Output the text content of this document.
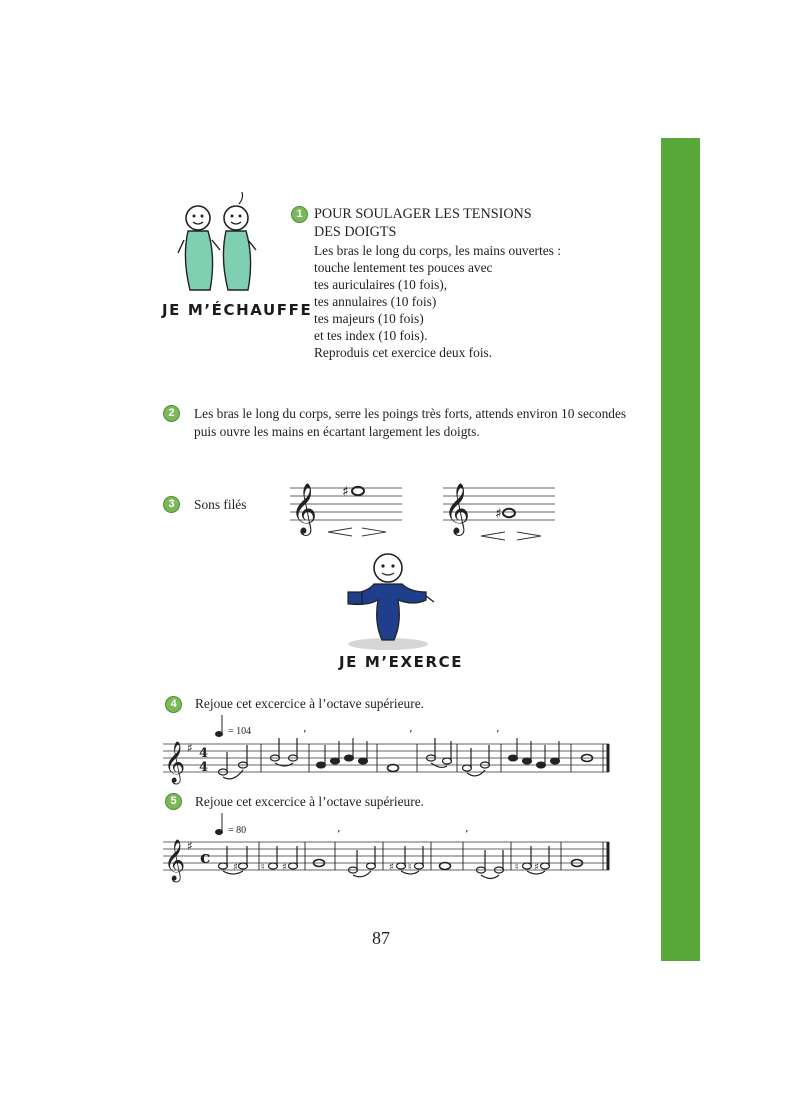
JE M’ÉCHAUFFE
1 POUR SOULAGER LES TENSIONS
DES DOIGTS
Les bras le long du corps, les mains ouvertes :
touche lentement tes pouces avec
tes auriculaires (10 fois),
tes annulaires (10 fois)
tes majeurs (10 fois)
et tes index (10 fois).
Reproduis cet exercice deux fois.
2	Les bras le long du corps, serre les poings très forts, attends environ 10 secondes
puis ouvre les mains en écartant largement les doigts.
3	Sons filés 𝄞 ♯ 𝄞 ♯
JE M’EXERCE
4	Rejoue cet excercice à l’octave supérieure.
= 104
𝄞 ♯ 4
4
’	’	’
5	Rejoue cet excercice à l’octave supérieure.
= 80
𝄞 ♯
c ♯ ♮ ♯	♯ ♮	♮ ♯
’	’
87
